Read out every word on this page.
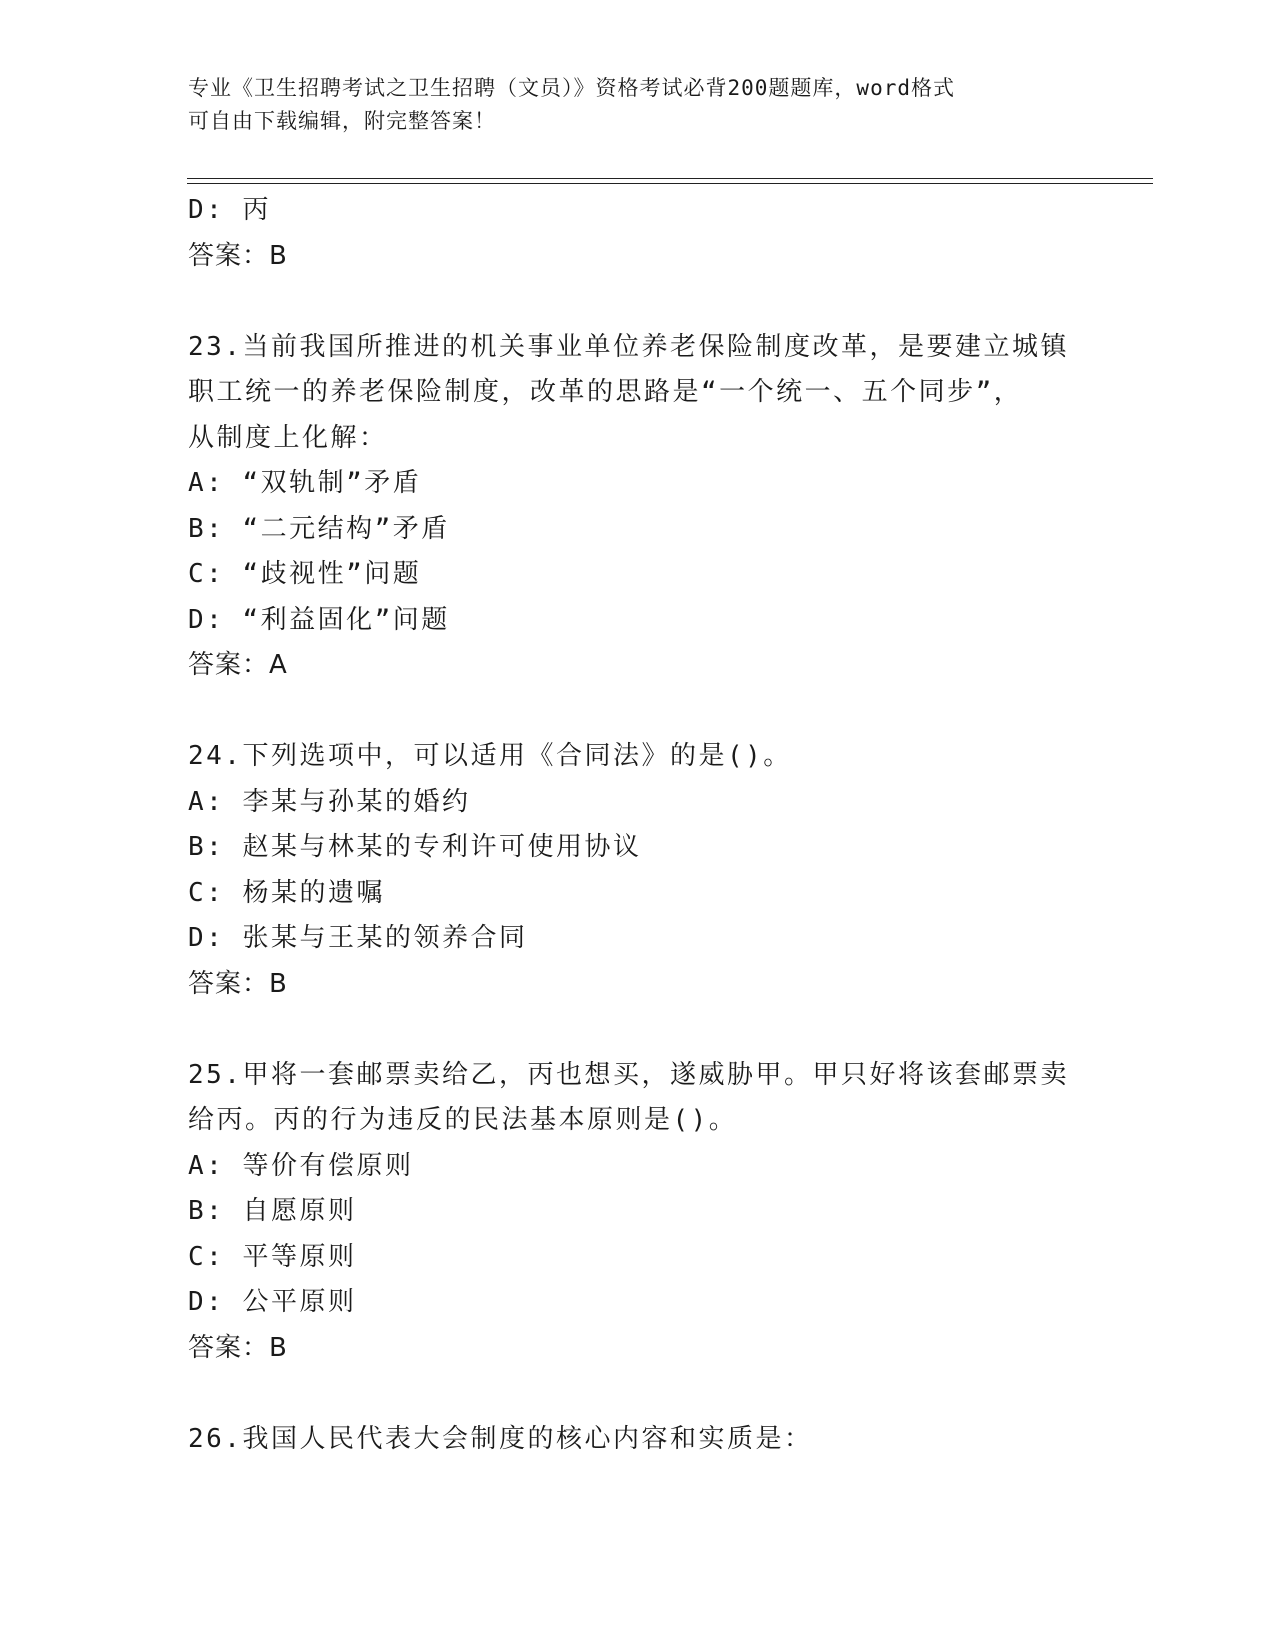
专业《卫生招聘考试之卫生招聘（文员）》资格考试必背200题题库，word格式
可自由下载编辑，附完整答案！

D: 丙

答案：B

23.当前我国所推进的机关事业单位养老保险制度改革，是要建立城镇

职工统一的养老保险制度，改革的思路是“一个统一、五个同步”，

从制度上化解：

A: “双轨制”矛盾

B: “二元结构”矛盾

C: “歧视性”问题

D: “利益固化”问题

答案：A

24.下列选项中，可以适用《合同法》的是()。

A: 李某与孙某的婚约

B: 赵某与林某的专利许可使用协议

C: 杨某的遗嘱

D: 张某与王某的领养合同

答案：B

25.甲将一套邮票卖给乙，丙也想买，遂威胁甲。甲只好将该套邮票卖

给丙。丙的行为违反的民法基本原则是()。

A: 等价有偿原则

B: 自愿原则

C: 平等原则

D: 公平原则

答案：B

26.我国人民代表大会制度的核心内容和实质是：
